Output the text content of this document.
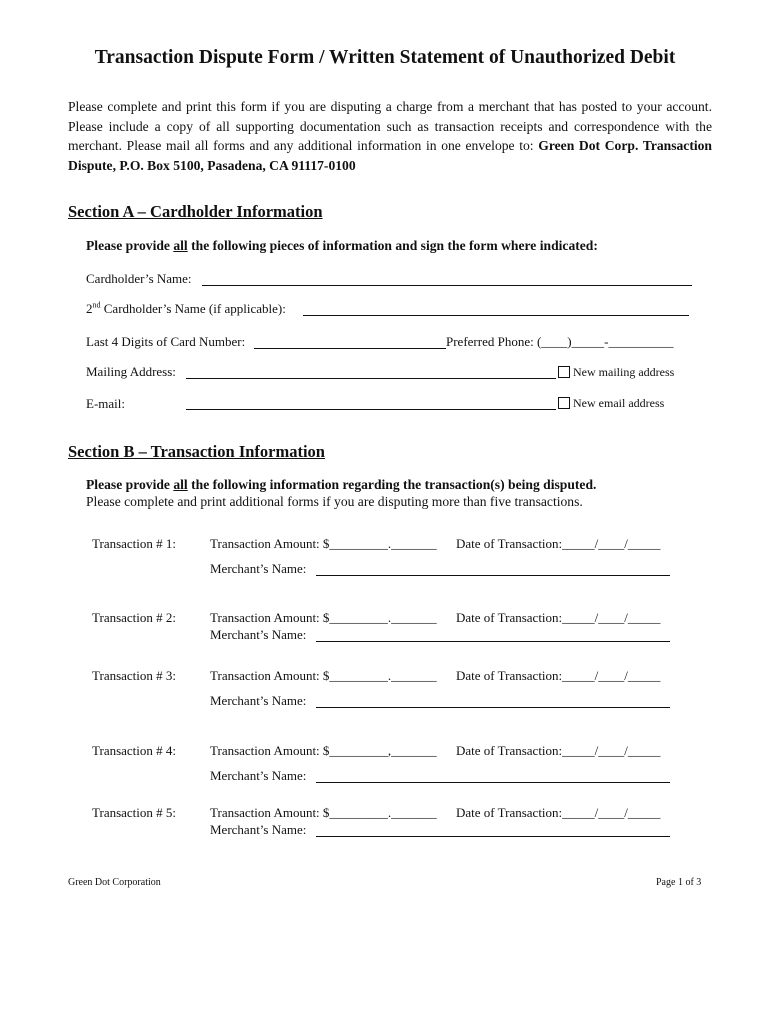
Transaction Dispute Form / Written Statement of Unauthorized Debit
Please complete and print this form if you are disputing a charge from a merchant that has posted to your account. Please include a copy of all supporting documentation such as transaction receipts and correspondence with the merchant. Please mail all forms and any additional information in one envelope to: Green Dot Corp. Transaction Dispute, P.O. Box 5100, Pasadena, CA 91117-0100
Section A – Cardholder Information
Please provide all the following pieces of information and sign the form where indicated:
Cardholder’s Name:
2nd Cardholder’s Name (if applicable):
Last 4 Digits of Card Number:	Preferred Phone: (____)_____-__________
Mailing Address:	New mailing address
E-mail:	New email address
Section B – Transaction Information
Please provide all the following information regarding the transaction(s) being disputed.
Please complete and print additional forms if you are disputing more than five transactions.
Transaction # 1:	Transaction Amount: $_________._______ Date of Transaction:_____/____/_____
Merchant’s Name:
Transaction # 2:	Transaction Amount: $_________._______ Date of Transaction:_____/____/_____
Merchant’s Name:
Transaction # 3:	Transaction Amount: $_________._______ Date of Transaction:_____/____/_____
Merchant’s Name:
Transaction # 4:	Transaction Amount: $_________,_______ Date of Transaction:_____/____/_____
Merchant’s Name:
Transaction # 5:	Transaction Amount: $_________._______ Date of Transaction:_____/____/_____
Merchant’s Name:
Green Dot Corporation	Page 1 of 3
